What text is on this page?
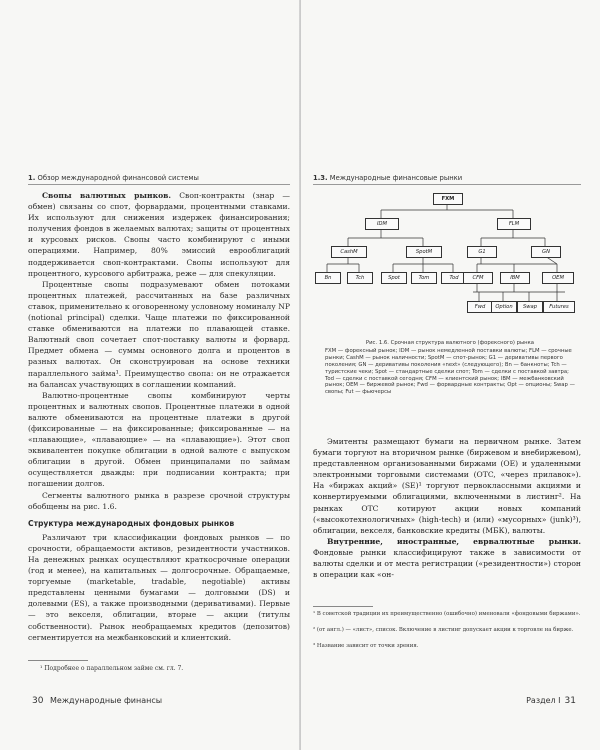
1. Обзор международной финансовой системы

Свопы валютных рынков. Своп-контракты (знар — обмен) связаны со спот, форвардами, процентными ставками. Их используют для снижения издержек финансирования; получения фондов в желаемых валютах; защиты от процентных и курсовых рисков. Свопы часто комбинируют с иными операциями. Например, 80% эмиссий еврооблигаций поддерживается своп-контрактами. Свопы используют для процентного, курсового арбитража, реже — для спекуляции.

Процентные свопы подразумевают обмен потоками процентных платежей, рассчитанных на базе различных ставок, применительно к оговоренному условному номиналу NP (notional principal) сделки. Чаще платежи по фиксированной ставке обмениваются на платежи по плавающей ставке. Валютный своп сочетает спот-поставку валюты и форвард. Предмет обмена — суммы основного долга и процентов в разных валютах. Он сконструирован на основе техники параллельного займа¹. Преимущество свопа: он не отражается на балансах участвующих в соглашении компаний.

Валютно-процентные свопы комбинируют черты процентных и валютных свопов. Процентные платежи в одной валюте обмениваются на процентные платежи в другой (фиксированные — на фиксированные; фиксированные — на «плавающие», «плавающие» — на «плавающие»). Этот своп эквивалентен покупке облигации в одной валюте с выпуском облигации в другой. Обмен принципалами по займам осуществляется дважды: при подписании контракта; при погашении долгов.

Сегменты валютного рынка в разрезе срочной структуры обобщены на рис. 1.6.

Структура международных фондовых рынков

Различают три классификации фондовых рынков — по срочности, обращаемости активов, резидентности участников. На денежных рынках осуществляют краткосрочные операции (год и менее), на капитальных — долгосрочные. Обращаемые, торгуемые (marketable, tradable, negotiable) активы представлены ценными бумагами — долговыми (DS) и долевыми (ES), а также производными (деривативами). Первые — это векселя, облигации, вторые — акции (титулы собственности). Рынок необращаемых кредитов (депозитов) сегментируется на межбанковский и клиентский.

¹ Подробнее о параллельном займе см. гл. 7.
30 Международные финансы
1.3. Международные финансовые рынки
FXM
IDM	FLM
CashM	SpotM	G1	GN
Bn	Tch	Spot	Tom	Tod	CFM	IBM	OEM
Fwd	Option	Swap	Futures
Рис. 1.6. Срочная структура валютного (форексного) рынка
FXM — форексный рынок; IDM — рынок немедленной поставки валюты; FLM — срочные рынки; CashM — рынок наличности; SpotM — спот-рынок; G1 — деривативы первого поколения; GN — деривативы поколения «next» (следующего); Bn — банкноты; Tch — туристские чеки; Spot — стандартные сделки спот; Tom — сделки с поставкой завтра; Tod — сделки с поставкой сегодня; CFM — клиентский рынок; IBM — межбанковский рынок; OEM — биржевой рынок; Fwd — форвардные контракты; Opt — опционы; Swap — свопы; Fut — фьючерсы

Эмитенты размещают бумаги на первичном рынке. Затем бумаги торгуют на вторичном рынке (биржевом и внебиржевом), представленном организованными биржами (OE) и удаленными электронными торговыми системами (OTC, «через прилавок»). На «биржах акций» (SE)¹ торгуют первоклассными акциями и конвертируемыми облигациями, включенными в листинг². На рынках OTC котируют акции новых компаний («высокотехнологичных» (high-tech) и (или) «мусорных» (junk)³), облигации, векселя, банковские кредиты (МБК), валюты.

Внутренние, иностранные, еврвалютные рынки. Фондовые рынки классифицируют также в зависимости от валюты сделки и от места регистрации («резидентности») сторон в операции как «он-

¹ В советской традиции их преимущественно (ошибочно) именовали «фондовыми биржами».
² (от англ.) — «лист», список. Включение в листинг допускает акции к торговле на бирже.
³ Название зависит от точки зрения.
Раздел I 31
